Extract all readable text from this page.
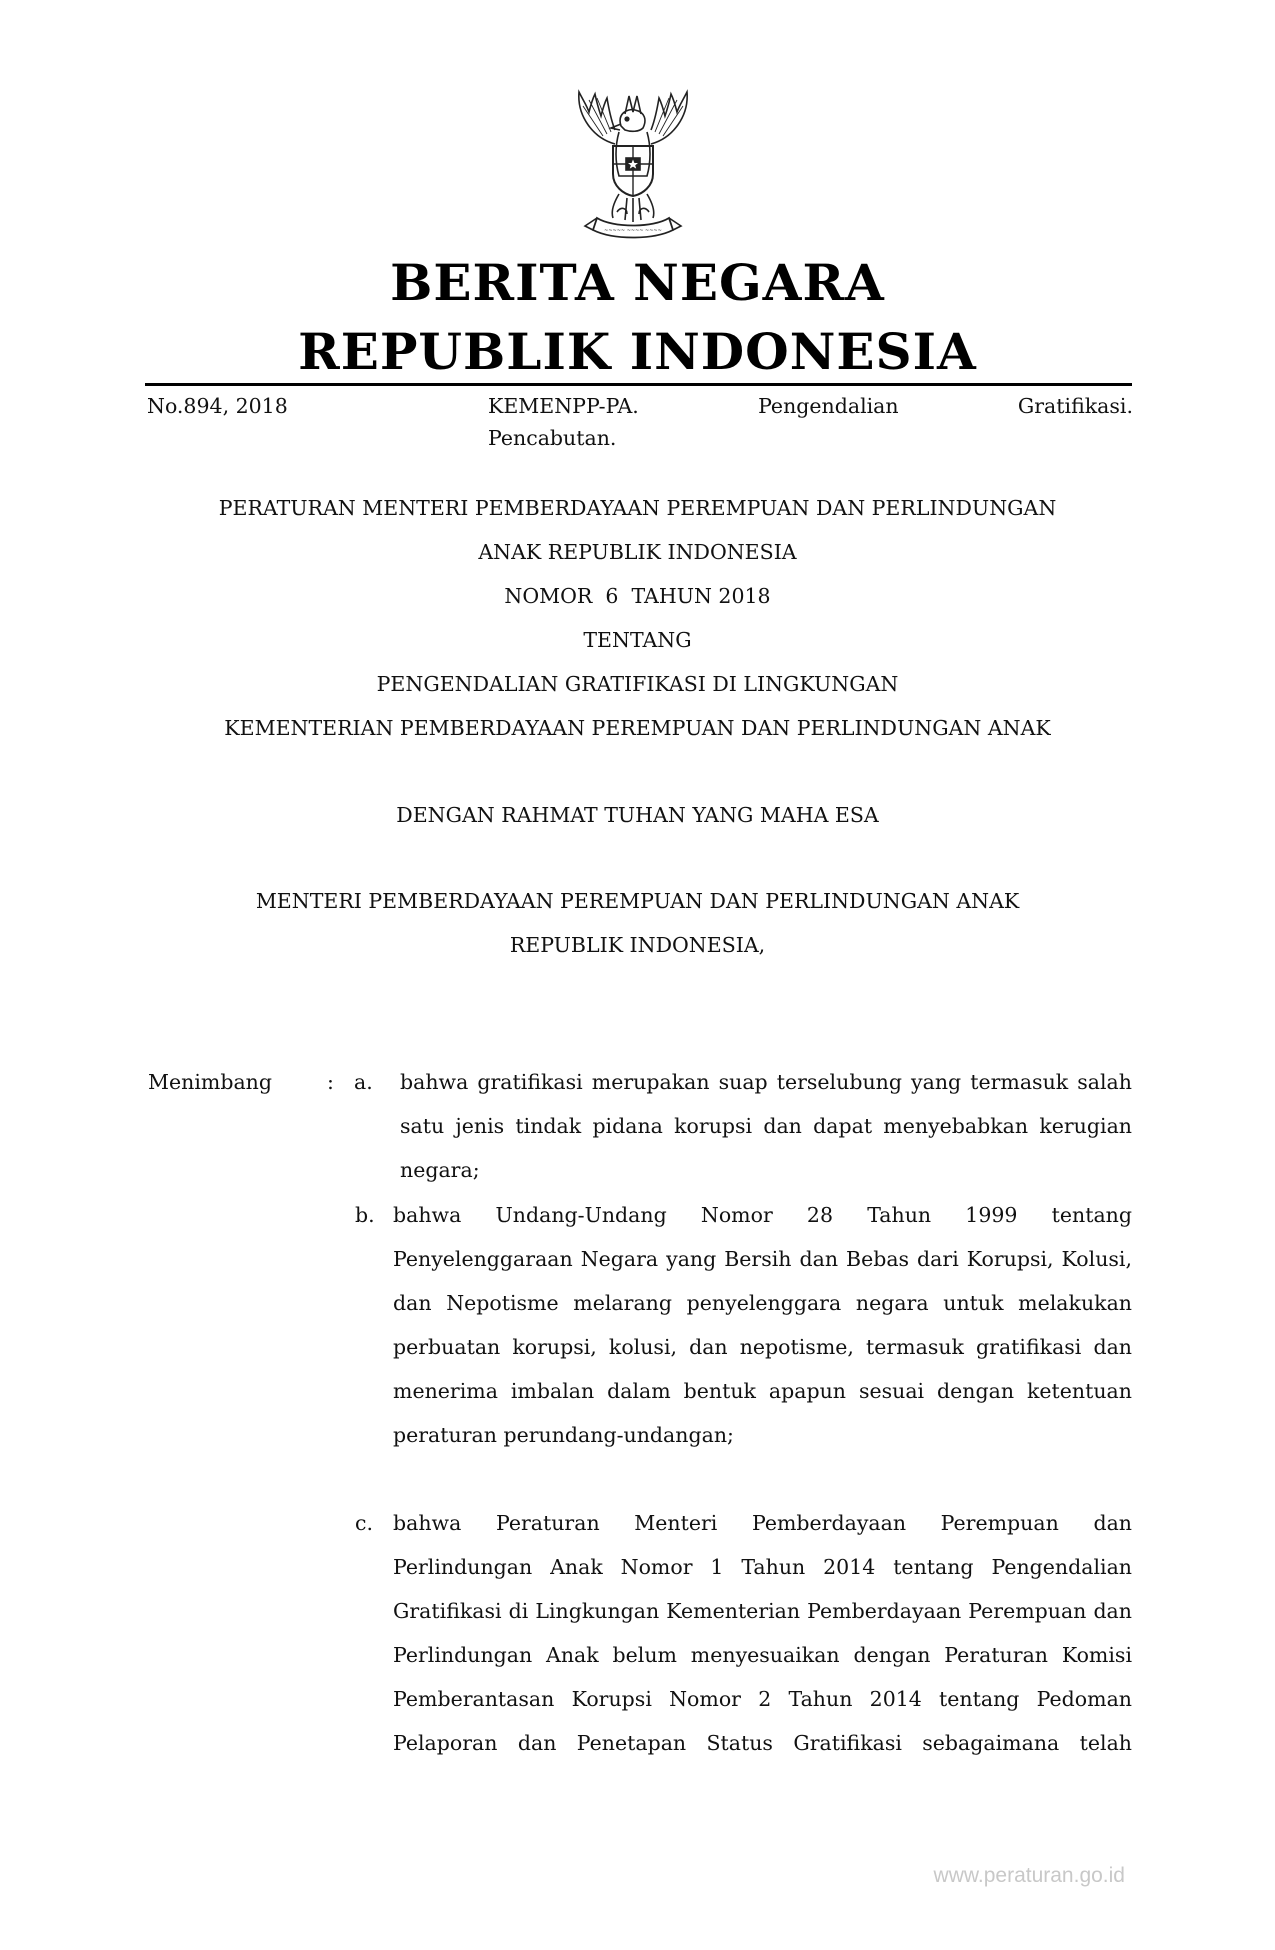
~~~~~ ~~~~ ~~~~
BERITA NEGARA
REPUBLIK INDONESIA
No.894, 2018	KEMENPP-PA.	Pengendalian	Gratifikasi.
Pencabutan.
PERATURAN MENTERI PEMBERDAYAAN PEREMPUAN DAN PERLINDUNGAN
ANAK REPUBLIK INDONESIA
NOMOR  6  TAHUN 2018
TENTANG
PENGENDALIAN GRATIFIKASI DI LINGKUNGAN
KEMENTERIAN PEMBERDAYAAN PEREMPUAN DAN PERLINDUNGAN ANAK
DENGAN RAHMAT TUHAN YANG MAHA ESA
MENTERI PEMBERDAYAAN PEREMPUAN DAN PERLINDUNGAN ANAK
REPUBLIK INDONESIA,
Menimbang	: a. bahwa gratifikasi merupakan suap terselubung yang termasuk salah satu jenis tindak pidana korupsi dan dapat menyebabkan kerugian negara;
b. bahwa Undang-Undang Nomor 28 Tahun 1999 tentang Penyelenggaraan Negara yang Bersih dan Bebas dari Korupsi, Kolusi, dan Nepotisme melarang penyelenggara negara untuk melakukan perbuatan korupsi, kolusi, dan nepotisme, termasuk gratifikasi dan menerima imbalan dalam bentuk apapun sesuai dengan ketentuan peraturan perundang-undangan;
c. bahwa Peraturan Menteri Pemberdayaan Perempuan dan Perlindungan Anak Nomor 1 Tahun 2014 tentang Pengendalian Gratifikasi di Lingkungan Kementerian Pemberdayaan Perempuan dan Perlindungan Anak belum menyesuaikan dengan Peraturan Komisi Pemberantasan Korupsi Nomor 2 Tahun 2014 tentang Pedoman Pelaporan dan Penetapan Status Gratifikasi sebagaimana telah
www.peraturan.go.id
